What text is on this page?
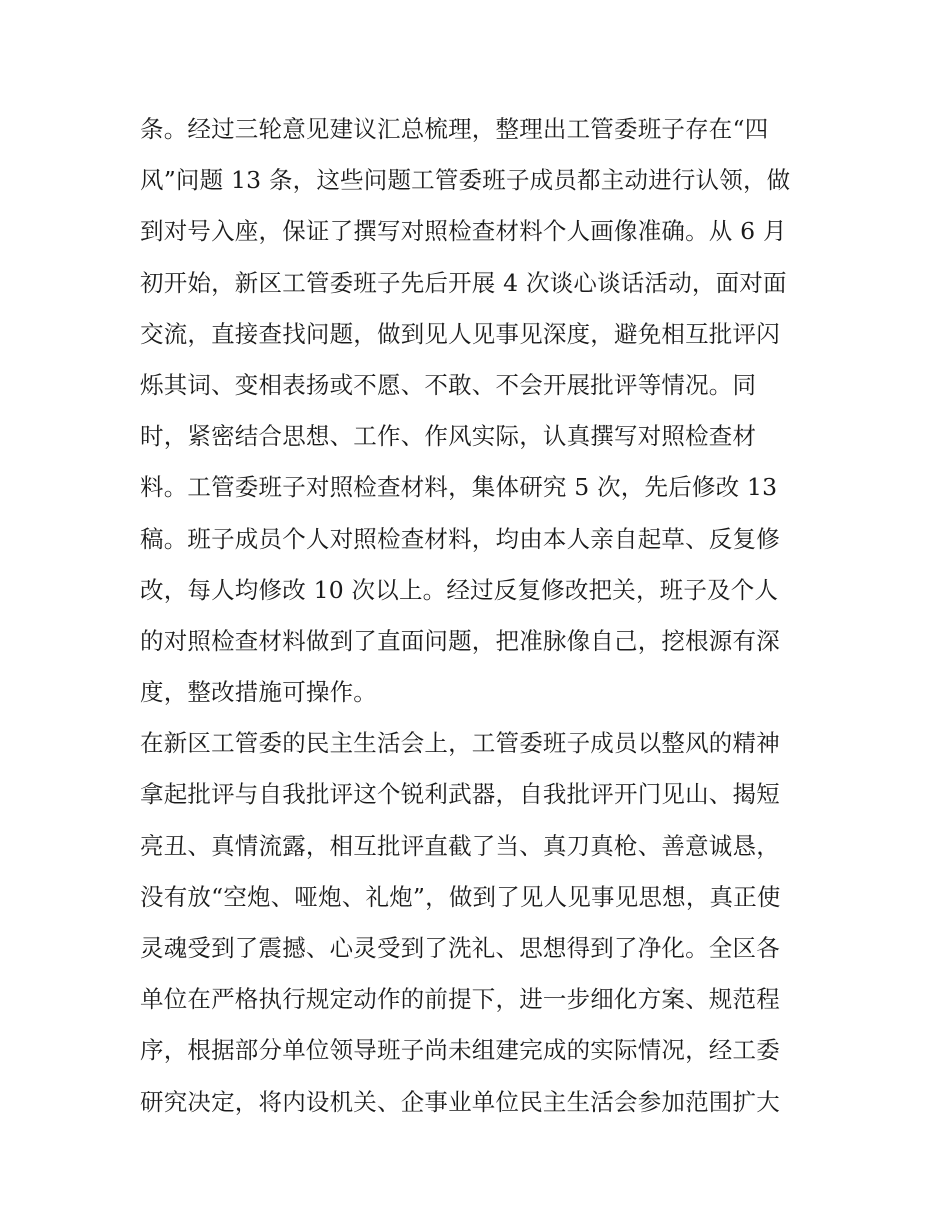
条。经过三轮意见建议汇总梳理，整理出工管委班子存在“四

风”问题 13 条，这些问题工管委班子成员都主动进行认领，做

到对号入座，保证了撰写对照检查材料个人画像准确。从 6 月

初开始，新区工管委班子先后开展 4 次谈心谈话活动，面对面

交流，直接查找问题，做到见人见事见深度，避免相互批评闪

烁其词、变相表扬或不愿、不敢、不会开展批评等情况。同

时，紧密结合思想、工作、作风实际，认真撰写对照检查材

料。工管委班子对照检查材料，集体研究 5 次，先后修改 13

稿。班子成员个人对照检查材料，均由本人亲自起草、反复修

改，每人均修改 10 次以上。经过反复修改把关，班子及个人

的对照检查材料做到了直面问题，把准脉像自己，挖根源有深

度，整改措施可操作。

在新区工管委的民主生活会上，工管委班子成员以整风的精神

拿起批评与自我批评这个锐利武器，自我批评开门见山、揭短

亮丑、真情流露，相互批评直截了当、真刀真枪、善意诚恳，

没有放“空炮、哑炮、礼炮”，做到了见人见事见思想，真正使

灵魂受到了震撼、心灵受到了洗礼、思想得到了净化。全区各

单位在严格执行规定动作的前提下，进一步细化方案、规范程

序，根据部分单位领导班子尚未组建完成的实际情况，经工委

研究决定，将内设机关、企事业单位民主生活会参加范围扩大
